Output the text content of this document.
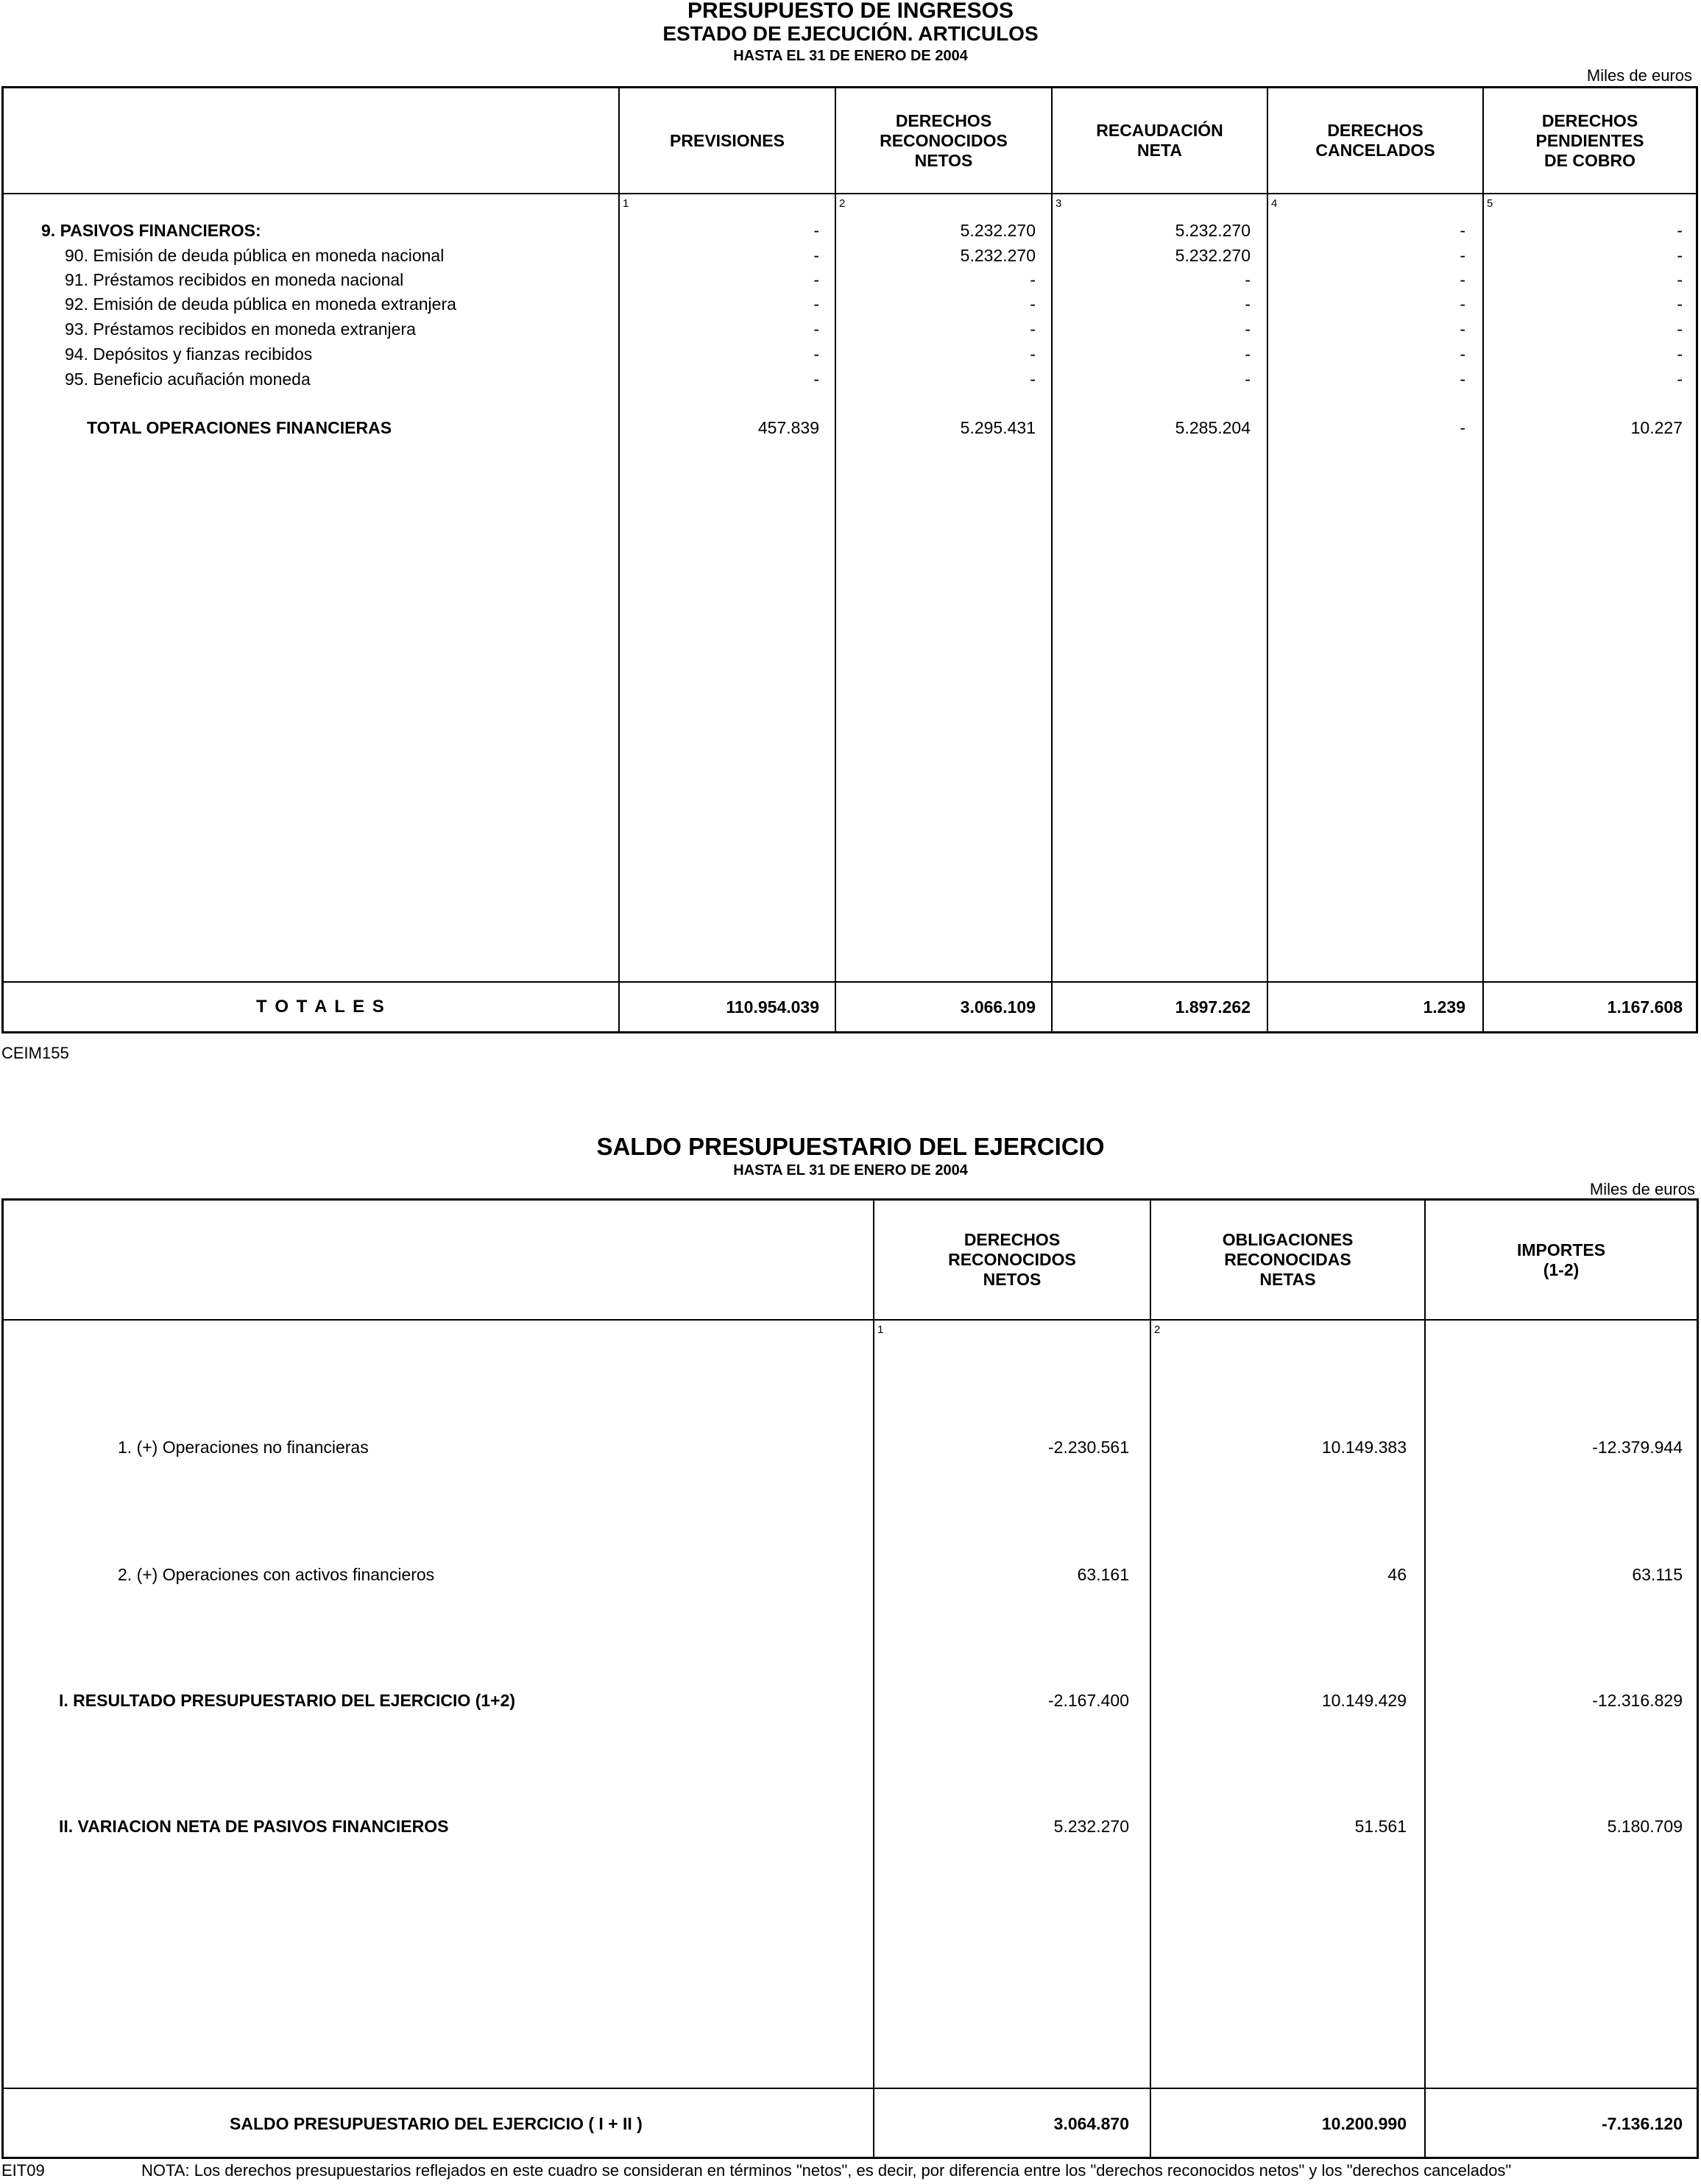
PRESUPUESTO DE INGRESOS
ESTADO DE EJECUCIÓN. ARTICULOS
HASTA EL 31 DE ENERO DE 2004
Miles de euros
PREVISIONES
DERECHOS
RECONOCIDOS
NETOS
RECAUDACIÓN
NETA
DERECHOS
CANCELADOS
DERECHOS
PENDIENTES
DE COBRO
1	2	3	4	5
9. PASIVOS FINANCIEROS:	-	5.232.270	5.232.270	-	-
90. Emisión de deuda pública en moneda nacional	-	5.232.270	5.232.270	-	-
91. Préstamos recibidos en moneda nacional	-	-	-	-	-
92. Emisión de deuda pública en moneda extranjera	-	-	-	-	-
93. Préstamos recibidos en moneda extranjera	-	-	-	-	-
94. Depósitos y fianzas recibidos	-	-	-	-	-
95. Beneficio acuñación moneda	-	-	-	-	-
TOTAL OPERACIONES FINANCIERAS	457.839	5.295.431	5.285.204	-	10.227
T O T A L E S	110.954.039	3.066.109	1.897.262	1.239	1.167.608
CEIM155
SALDO PRESUPUESTARIO DEL EJERCICIO
HASTA EL 31 DE ENERO DE 2004
Miles de euros
DERECHOS
RECONOCIDOS
NETOS
OBLIGACIONES
RECONOCIDAS
NETAS
IMPORTES
(1-2)
1	2
1. (+) Operaciones no financieras	-2.230.561	10.149.383	-12.379.944
2. (+) Operaciones con activos financieros	63.161	46	63.115
I. RESULTADO PRESUPUESTARIO DEL EJERCICIO (1+2)	-2.167.400	10.149.429	-12.316.829
II. VARIACION NETA DE PASIVOS FINANCIEROS	5.232.270	51.561	5.180.709
SALDO PRESUPUESTARIO DEL EJERCICIO ( I + II )	3.064.870	10.200.990	-7.136.120
EIT09	NOTA: Los derechos presupuestarios reflejados en este cuadro se consideran en términos "netos", es decir, por diferencia entre los "derechos reconocidos netos" y los "derechos cancelados"
